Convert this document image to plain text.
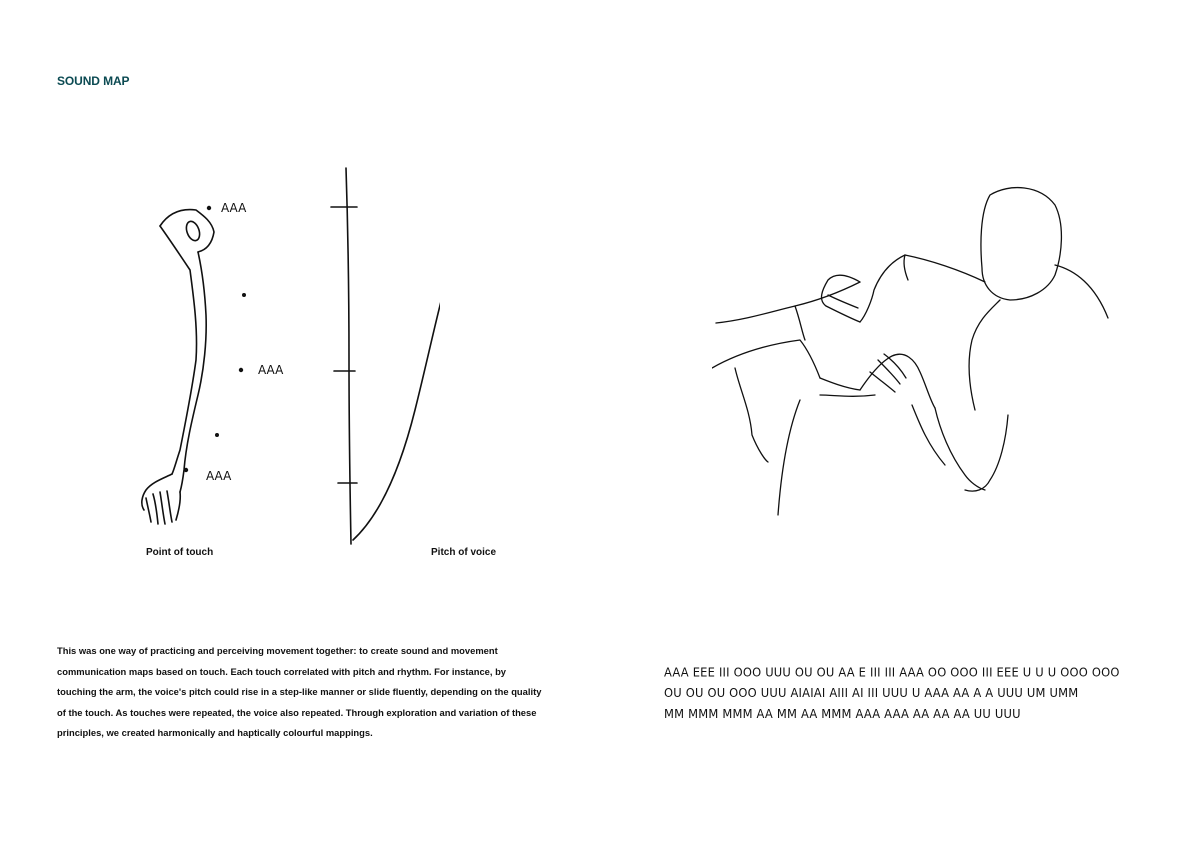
SOUND MAP
AAA
AAA
AAA
Point of touch	Pitch of voice

This was one way of practicing and perceiving movement together: to create sound and movement communication maps based on touch. Each touch correlated with pitch and rhythm. For instance, by touching the arm, the voice's pitch could rise in a step-like manner or slide fluently, depending on the quality of the touch. As touches were repeated, the voice also repeated. Through exploration and variation of these principles, we created harmonically and haptically colourful mappings.

AAA EEE III OOO UUU OU OU AA E III III AAA OO OOO III EEE U U U OOO OOO
OU OU OU OOO UUU AIAIAI AIII AI III UUU U AAA AA A A UUU UM UMM
MM MMM MMM AA MM AA MMM AAA AAA AA AA AA UU UUU
